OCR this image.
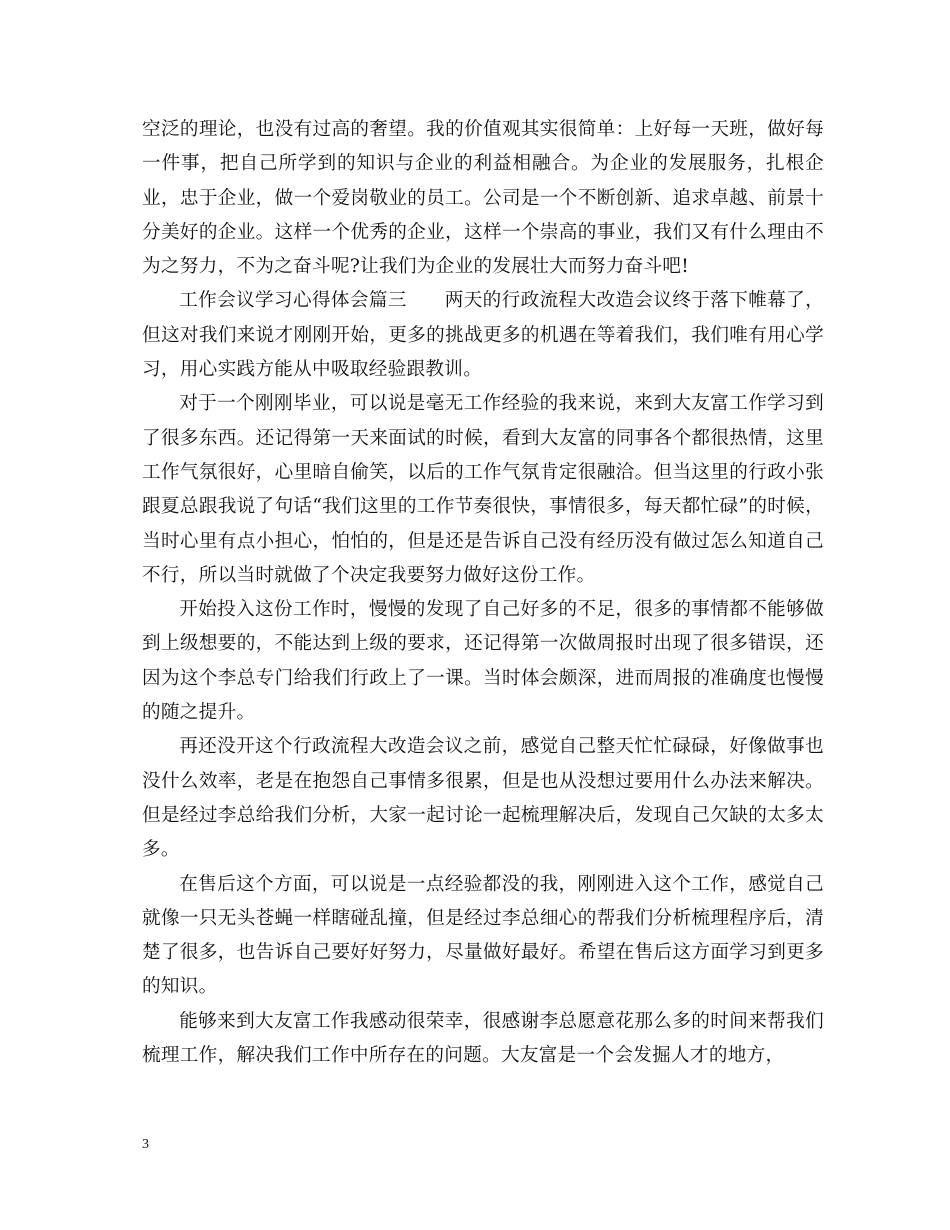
空泛的理论，也没有过高的奢望。我的价值观其实很简单：上好每一天班，做好每一件事，把自己所学到的知识与企业的利益相融合。为企业的发展服务，扎根企业，忠于企业，做一个爱岗敬业的员工。公司是一个不断创新、追求卓越、前景十分美好的企业。这样一个优秀的企业，这样一个崇高的事业，我们又有什么理由不为之努力，不为之奋斗呢?让我们为企业的发展壮大而努力奋斗吧!

工作会议学习心得体会篇三　　两天的行政流程大改造会议终于落下帷幕了，但这对我们来说才刚刚开始，更多的挑战更多的机遇在等着我们，我们唯有用心学习，用心实践方能从中吸取经验跟教训。

对于一个刚刚毕业，可以说是毫无工作经验的我来说，来到大友富工作学习到了很多东西。还记得第一天来面试的时候，看到大友富的同事各个都很热情，这里工作气氛很好，心里暗自偷笑，以后的工作气氛肯定很融洽。但当这里的行政小张跟夏总跟我说了句话“我们这里的工作节奏很快，事情很多，每天都忙碌”的时候，当时心里有点小担心，怕怕的，但是还是告诉自己没有经历没有做过怎么知道自己不行，所以当时就做了个决定我要努力做好这份工作。

开始投入这份工作时，慢慢的发现了自己好多的不足，很多的事情都不能够做到上级想要的，不能达到上级的要求，还记得第一次做周报时出现了很多错误，还因为这个李总专门给我们行政上了一课。当时体会颇深，进而周报的准确度也慢慢的随之提升。

再还没开这个行政流程大改造会议之前，感觉自己整天忙忙碌碌，好像做事也没什么效率，老是在抱怨自己事情多很累，但是也从没想过要用什么办法来解决。但是经过李总给我们分析，大家一起讨论一起梳理解决后，发现自己欠缺的太多太多。

在售后这个方面，可以说是一点经验都没的我，刚刚进入这个工作，感觉自己就像一只无头苍蝇一样瞎碰乱撞，但是经过李总细心的帮我们分析梳理程序后，清楚了很多，也告诉自己要好好努力，尽量做好最好。希望在售后这方面学习到更多的知识。

能够来到大友富工作我感动很荣幸，很感谢李总愿意花那么多的时间来帮我们梳理工作，解决我们工作中所存在的问题。大友富是一个会发掘人才的地方，

3
